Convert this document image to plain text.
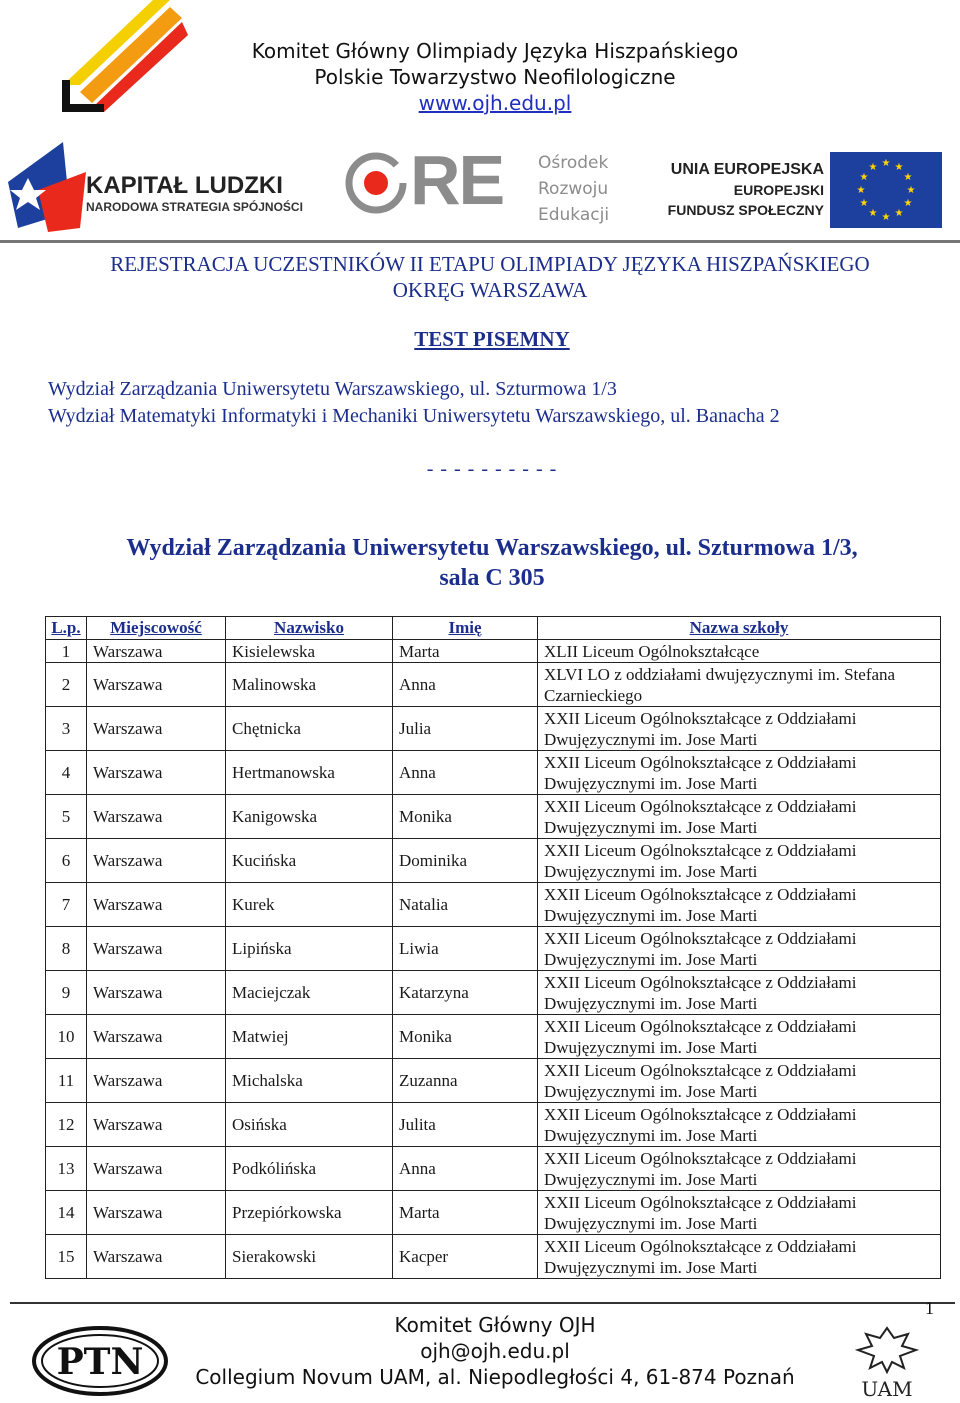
Komitet Główny Olimpiady Języka Hiszpańskiego
Polskie Towarzystwo Neofilologiczne
www.ojh.edu.pl
KAPITAŁ LUDZKI
NARODOWA STRATEGIA SPÓJNOŚCI RE Ośrodek
Rozwoju
Edukacji
UNIA EUROPEJSKA
EUROPEJSKI
FUNDUSZ SPOŁECZNY
★ ★
★
★
★
★
★
★
★
★
★
★
REJESTRACJA UCZESTNIKÓW II ETAPU OLIMPIADY JĘZYKA HISZPAŃSKIEGO
OKRĘG WARSZAWA
TEST PISEMNY
Wydział Zarządzania Uniwersytetu Warszawskiego, ul. Szturmowa 1/3
Wydział Matematyki Informatyki i Mechaniki Uniwersytetu Warszawskiego, ul. Banacha 2
- - - - - - - - - -
Wydział Zarządzania Uniwersytetu Warszawskiego, ul. Szturmowa 1/3,
sala C 305
L.p.	Miejscowość	Nazwisko	Imię	Nazwa szkoły
1	Warszawa	Kisielewska	Marta	XLII Liceum Ogólnokształcące
2	Warszawa	Malinowska	Anna	XLVI LO z oddziałami dwujęzycznymi im. Stefana Czarnieckiego
3	Warszawa	Chętnicka	Julia	XXII Liceum Ogólnokształcące z Oddziałami Dwujęzycznymi im. Jose Marti
4	Warszawa	Hertmanowska	Anna	XXII Liceum Ogólnokształcące z Oddziałami Dwujęzycznymi im. Jose Marti
5	Warszawa	Kanigowska	Monika	XXII Liceum Ogólnokształcące z Oddziałami Dwujęzycznymi im. Jose Marti
6	Warszawa	Kucińska	Dominika	XXII Liceum Ogólnokształcące z Oddziałami Dwujęzycznymi im. Jose Marti
7	Warszawa	Kurek	Natalia	XXII Liceum Ogólnokształcące z Oddziałami Dwujęzycznymi im. Jose Marti
8	Warszawa	Lipińska	Liwia	XXII Liceum Ogólnokształcące z Oddziałami Dwujęzycznymi im. Jose Marti
9	Warszawa	Maciejczak	Katarzyna	XXII Liceum Ogólnokształcące z Oddziałami Dwujęzycznymi im. Jose Marti
10	Warszawa	Matwiej	Monika	XXII Liceum Ogólnokształcące z Oddziałami Dwujęzycznymi im. Jose Marti
11	Warszawa	Michalska	Zuzanna	XXII Liceum Ogólnokształcące z Oddziałami Dwujęzycznymi im. Jose Marti
12	Warszawa	Osińska	Julita	XXII Liceum Ogólnokształcące z Oddziałami Dwujęzycznymi im. Jose Marti
13	Warszawa	Podkólińska	Anna	XXII Liceum Ogólnokształcące z Oddziałami Dwujęzycznymi im. Jose Marti
14	Warszawa	Przepiórkowska	Marta	XXII Liceum Ogólnokształcące z Oddziałami Dwujęzycznymi im. Jose Marti
15	Warszawa	Sierakowski	Kacper	XXII Liceum Ogólnokształcące z Oddziałami Dwujęzycznymi im. Jose Marti
1
PTN
Komitet Główny OJH
ojh@ojh.edu.pl
Collegium Novum UAM, al. Niepodległości 4, 61-874 Poznań	UAM
